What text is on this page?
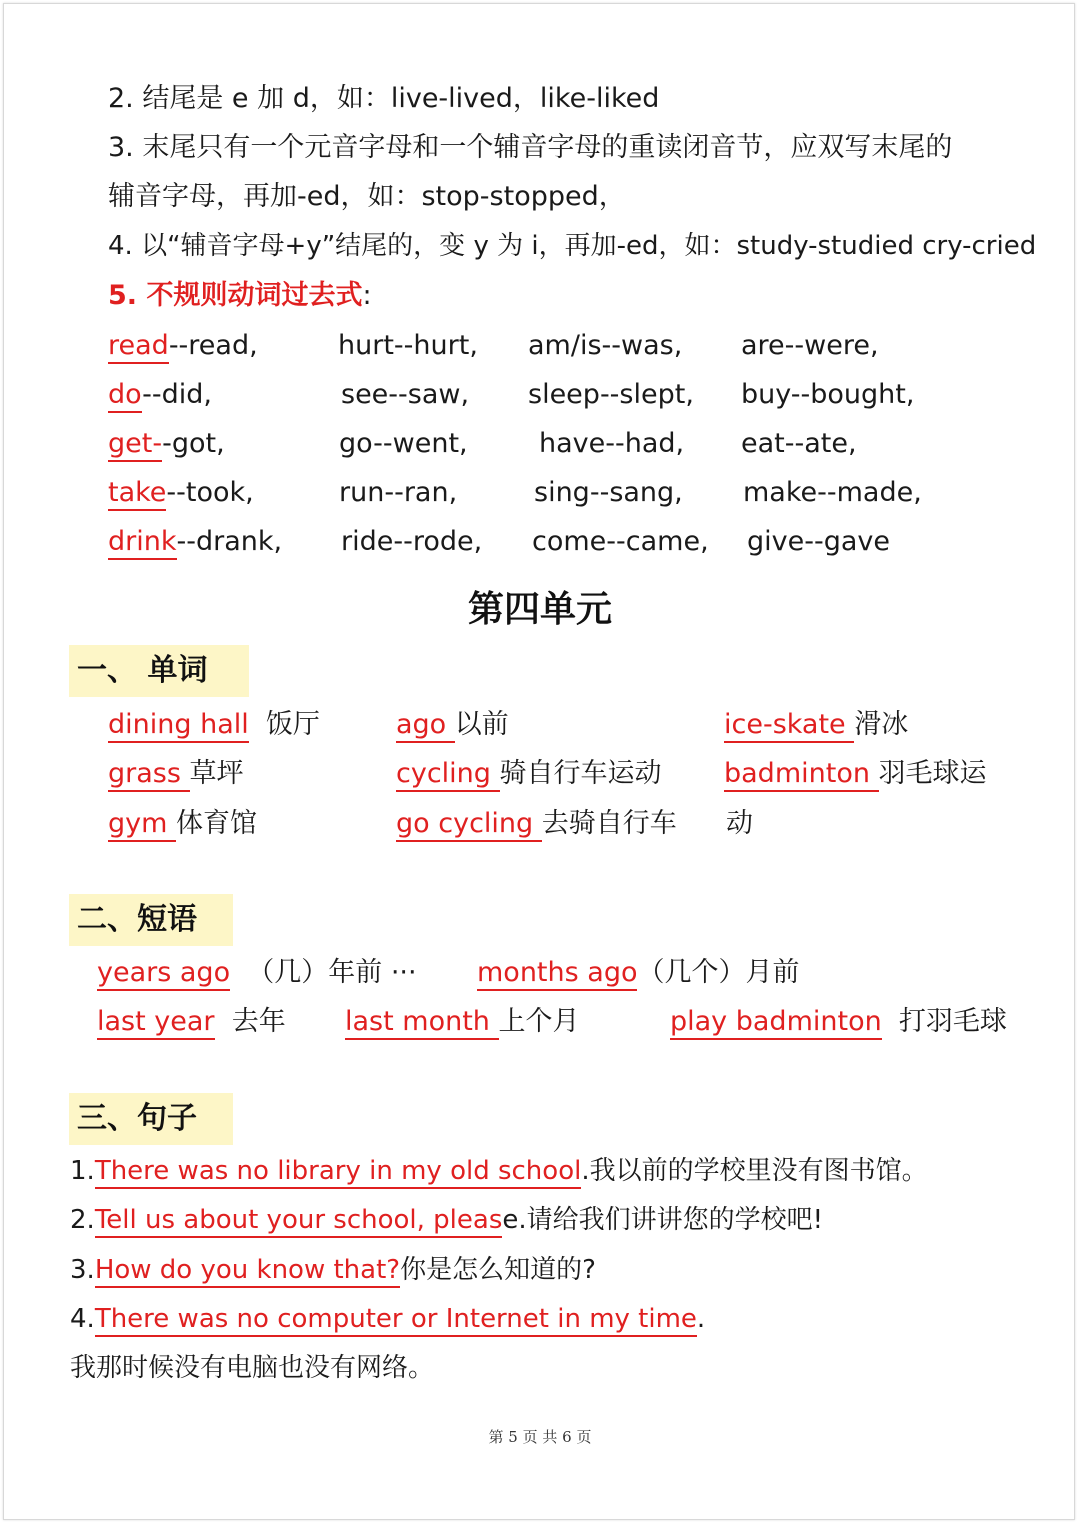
2. 结尾是 e 加 d，如：live-lived，like-liked
3. 末尾只有一个元音字母和一个辅音字母的重读闭音节，应双写末尾的
辅音字母，再加-ed，如：stop-stopped，
4. 以“辅音字母+y”结尾的，变 y 为 i，再加-ed，如：study-studied cry-cried
5. 不规则动词过去式:
read--read,	hurt--hurt, am/is--was, are--were,
do--did,	see--saw, sleep--slept, buy--bought,
get--got,	go--went,	have--had, eat--ate,
take--took,	run--ran,	sing--sang, make--made,
drink--drank, ride--rode, come--came, give--gave
第四单元
一、 单词
dining hall 饭厅	ago 以前	ice-skate 滑冰
grass 草坪	cycling 骑自行车运动 badminton 羽毛球运
gym 体育馆	go cycling 去骑自行车 动
二、短语
years ago （几）年前 ··· months ago（几个）月前
last year 去年 last month 上个月	play badminton 打羽毛球
三、句子
1.There was no library in my old school.我以前的学校里没有图书馆。
2.Tell us about your school, please.请给我们讲讲您的学校吧!
3.How do you know that?你是怎么知道的?
4.There was no computer or Internet in my time.
我那时候没有电脑也没有网络。
第 5 页 共 6 页
